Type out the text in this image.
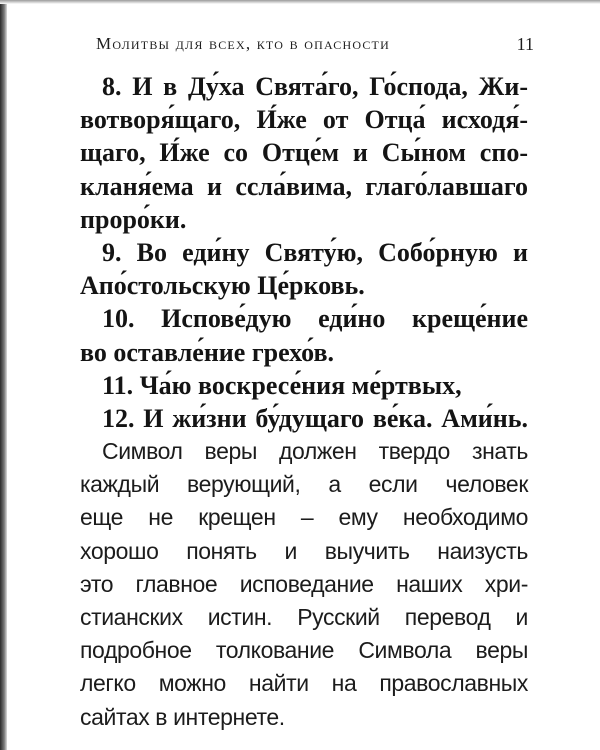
Молитвы для всех, кто в опасности	11
8. И в Ду́ха Свята́го, Го́спода, Жи-
вотворя́щаго, И́же от Отца́ исходя́-
щаго, И́же со Отце́м и Сы́ном спо-
кланя́ема и ссла́вима, глаго́лавшаго
проро́ки.
9. Во еди́ну Святу́ю, Собо́рную и
Апо́стольскую Це́рковь.
10. Испове́дую еди́но креще́ние
во оставле́ние грехо́в.
11. Ча́ю воскресе́ния ме́ртвых,
12. И жи́зни бу́дущаго ве́ка. Ами́нь.
Символ веры должен твердо знать
каждый верующий, а если человек
еще не крещен – ему необходимо
хорошо понять и выучить наизусть
это главное исповедание наших хри-
стианских истин. Русский перевод и
подробное толкование Символа веры
легко можно найти на православных
сайтах в интернете.
